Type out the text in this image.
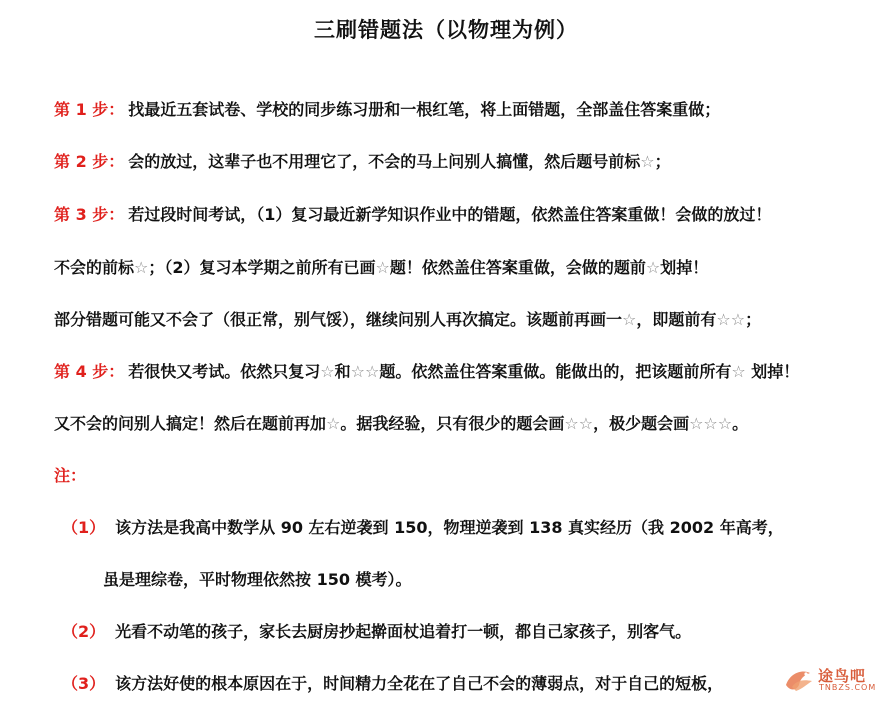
三刷错题法（以物理为例）
第 1 步： 找最近五套试卷、学校的同步练习册和一根红笔，将上面错题，全部盖住答案重做；
第 2 步： 会的放过，这辈子也不用理它了，不会的马上问别人搞懂，然后题号前标☆；
第 3 步： 若过段时间考试，（1）复习最近新学知识作业中的错题，依然盖住答案重做！会做的放过！
不会的前标☆；（2）复习本学期之前所有已画☆题！依然盖住答案重做，会做的题前☆划掉！
部分错题可能又不会了（很正常，别气馁），继续问别人再次搞定。该题前再画一☆，即题前有☆☆；
第 4 步： 若很快又考试。依然只复习☆和☆☆题。依然盖住答案重做。能做出的，把该题前所有☆ 划掉！
又不会的问别人搞定！然后在题前再加☆。据我经验，只有很少的题会画☆☆，极少题会画☆☆☆。
注：
（1） 该方法是我高中数学从 90 左右逆袭到 150，物理逆袭到 138 真实经历（我 2002 年高考，
虽是理综卷，平时物理依然按 150 模考）。
（2） 光看不动笔的孩子，家长去厨房抄起擀面杖追着打一顿，都自己家孩子，别客气。
（3） 该方法好使的根本原因在于，时间精力全花在了自己不会的薄弱点，对于自己的短板，	途鸟吧
TNBZS.COM
